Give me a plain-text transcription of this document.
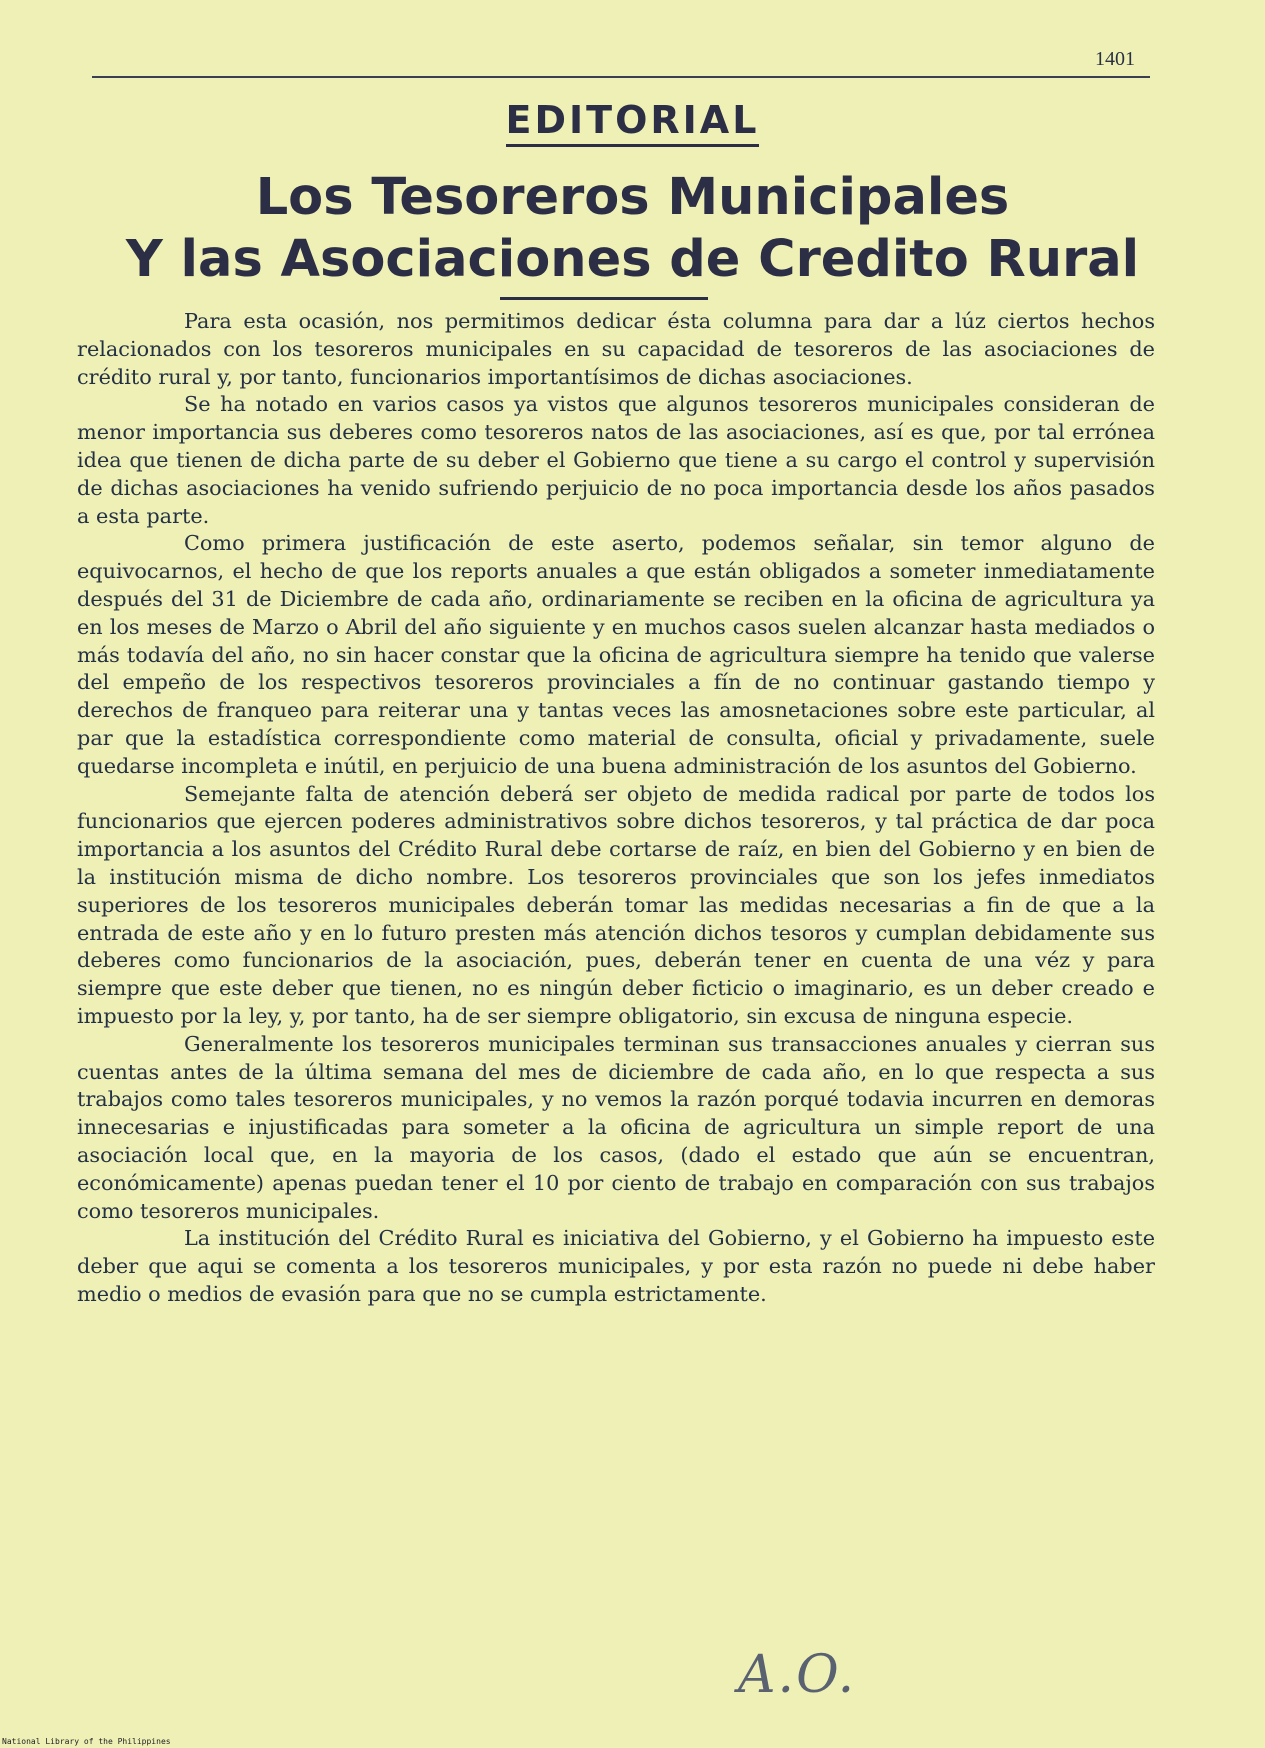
1401
EDITORIAL
Los Tesoreros Municipales
Y las Asociaciones de Credito Rural

Para esta ocasión, nos permitimos dedicar ésta columna para dar a lúz ciertos hechos relacionados con los tesoreros municipales en su capacidad de tesoreros de las asociaciones de crédito rural y, por tanto, funcionarios importantísimos de dichas asociaciones.

Se ha notado en varios casos ya vistos que algunos tesoreros municipales consideran de menor importancia sus deberes como tesoreros natos de las asociaciones, así es que, por tal errónea idea que tienen de dicha parte de su deber el Gobierno que tiene a su cargo el control y supervisión de dichas asociaciones ha venido sufriendo perjuicio de no poca importancia desde los años pasados a esta parte.

Como primera justificación de este aserto, podemos señalar, sin temor alguno de equivocarnos, el hecho de que los reports anuales a que están obligados a someter inmediatamente después del 31 de Diciembre de cada año, ordinariamente se reciben en la oficina de agricultura ya en los meses de Marzo o Abril del año siguiente y en muchos casos suelen alcanzar hasta mediados o más todavía del año, no sin hacer constar que la oficina de agricultura siempre ha tenido que valerse del empeño de los respectivos tesoreros provinciales a fín de no continuar gastando tiempo y derechos de franqueo para reiterar una y tantas veces las amosnetaciones sobre este particular, al par que la estadística correspondiente como material de consulta, oficial y privadamente, suele quedarse incompleta e inútil, en perjuicio de una buena administración de los asuntos del Gobierno.

Semejante falta de atención deberá ser objeto de medida radical por parte de todos los funcionarios que ejercen poderes administrativos sobre dichos tesoreros, y tal práctica de dar poca importancia a los asuntos del Crédito Rural debe cortarse de raíz, en bien del Gobierno y en bien de la institución misma de dicho nombre. Los tesoreros provinciales que son los jefes inmediatos superiores de los tesoreros municipales deberán tomar las medidas necesarias a fin de que a la entrada de este año y en lo futuro presten más atención dichos tesoros y cumplan debidamente sus deberes como funcionarios de la asociación, pues, deberán tener en cuenta de una véz y para siempre que este deber que tienen, no es ningún deber ficticio o imaginario, es un deber creado e impuesto por la ley, y, por tanto, ha de ser siempre obligatorio, sin excusa de ninguna especie.

Generalmente los tesoreros municipales terminan sus transacciones anuales y cierran sus cuentas antes de la última semana del mes de diciembre de cada año, en lo que respecta a sus trabajos como tales tesoreros municipales, y no vemos la razón porqué todavia incurren en demoras innecesarias e injustificadas para someter a la oficina de agricultura un simple report de una asociación local que, en la mayoria de los casos, (dado el estado que aún se encuentran, económicamente) apenas puedan tener el 10 por ciento de trabajo en comparación con sus trabajos como tesoreros municipales.

La institución del Crédito Rural es iniciativa del Gobierno, y el Gobierno ha impuesto este deber que aqui se comenta a los tesoreros municipales, y por esta razón no puede ni debe haber medio o medios de evasión para que no se cumpla estrictamente.

A.O.
National Library of the Philippines
